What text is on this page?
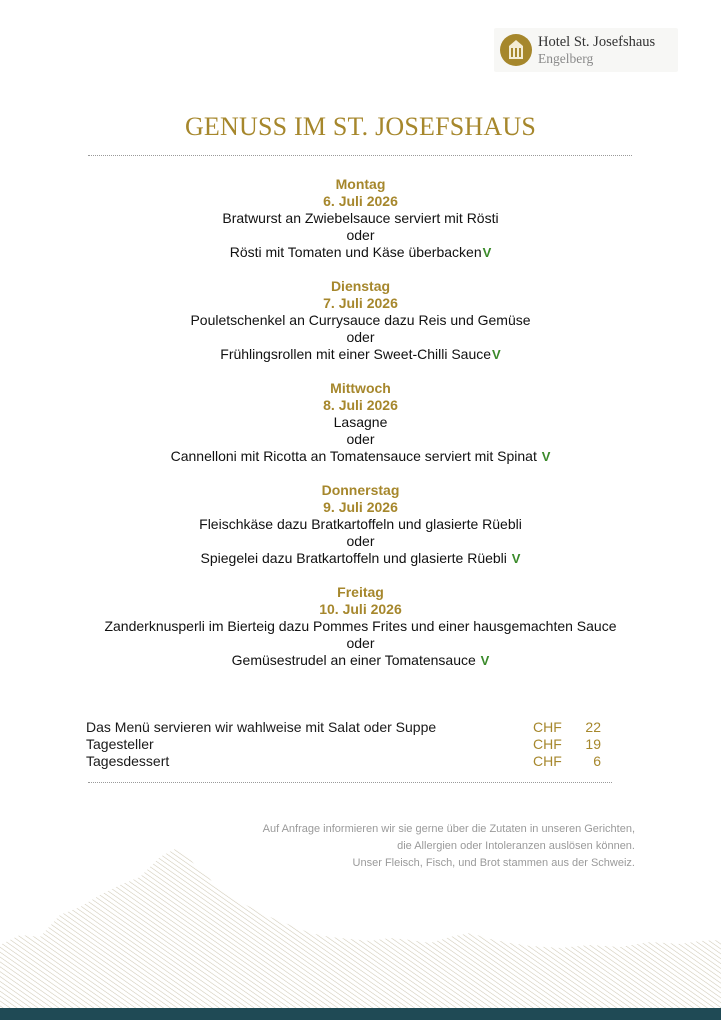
Hotel St. Josefshaus
Engelberg
GENUSS IM ST. JOSEFSHAUS
Montag
6. Juli 2026
Bratwurst an Zwiebelsauce serviert mit Rösti
oder
Rösti mit Tomaten und Käse überbackenV
Dienstag
7. Juli 2026
Pouletschenkel an Currysauce dazu Reis und Gemüse
oder
Frühlingsrollen mit einer Sweet-Chilli SauceV
Mittwoch
8. Juli 2026
Lasagne
oder
Cannelloni mit Ricotta an Tomatensauce serviert mit Spinat V
Donnerstag
9. Juli 2026
Fleischkäse dazu Bratkartoffeln und glasierte Rüebli
oder
Spiegelei dazu Bratkartoffeln und glasierte Rüebli V
Freitag
10. Juli 2026
Zanderknusperli im Bierteig dazu Pommes Frites und einer hausgemachten Sauce
oder
Gemüsestrudel an einer Tomatensauce V
Das Menü servieren wir wahlweise mit Salat oder Suppe	CHF 22
Tagesteller	CHF 19
Tagesdessert	CHF 6
Auf Anfrage informieren wir sie gerne über die Zutaten in unseren Gerichten,
die Allergien oder Intoleranzen auslösen können.
Unser Fleisch, Fisch, und Brot stammen aus der Schweiz.
